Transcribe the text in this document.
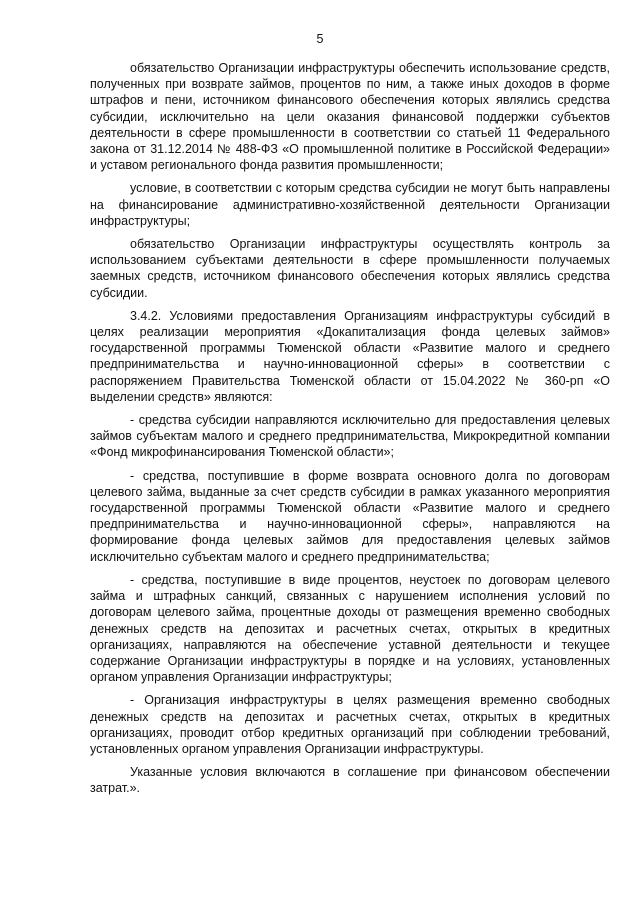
5

обязательство Организации инфраструктуры обеспечить использование средств, полученных при возврате займов, процентов по ним, а также иных доходов в форме штрафов и пени, источником финансового обеспечения которых являлись средства субсидии, исключительно на цели оказания финансовой поддержки субъектов деятельности в сфере промышленности в соответствии со статьей 11 Федерального закона от 31.12.2014 № 488-ФЗ «О промышленной политике в Российской Федерации» и уставом регионального фонда развития промышленности;

условие, в соответствии с которым средства субсидии не могут быть направлены на финансирование административно-хозяйственной деятельности Организации инфраструктуры;

обязательство Организации инфраструктуры осуществлять контроль за использованием субъектами деятельности в сфере промышленности получаемых заемных средств, источником финансового обеспечения которых являлись средства субсидии.

3.4.2. Условиями предоставления Организациям инфраструктуры субсидий в целях реализации мероприятия «Докапитализация фонда целевых займов» государственной программы Тюменской области «Развитие малого и среднего предпринимательства и научно-инновационной сферы» в соответствии с распоряжением Правительства Тюменской области от 15.04.2022 № 360-рп «О выделении средств» являются:

- средства субсидии направляются исключительно для предоставления целевых займов субъектам малого и среднего предпринимательства, Микрокредитной компании «Фонд микрофинансирования Тюменской области»;

- средства, поступившие в форме возврата основного долга по договорам целевого займа, выданные за счет средств субсидии в рамках указанного мероприятия государственной программы Тюменской области «Развитие малого и среднего предпринимательства и научно-инновационной сферы», направляются на формирование фонда целевых займов для предоставления целевых займов исключительно субъектам малого и среднего предпринимательства;

- средства, поступившие в виде процентов, неустоек по договорам целевого займа и штрафных санкций, связанных с нарушением исполнения условий по договорам целевого займа, процентные доходы от размещения временно свободных денежных средств на депозитах и расчетных счетах, открытых в кредитных организациях, направляются на обеспечение уставной деятельности и текущее содержание Организации инфраструктуры в порядке и на условиях, установленных органом управления Организации инфраструктуры;

- Организация инфраструктуры в целях размещения временно свободных денежных средств на депозитах и расчетных счетах, открытых в кредитных организациях, проводит отбор кредитных организаций при соблюдении требований, установленных органом управления Организации инфраструктуры.

Указанные условия включаются в соглашение при финансовом обеспечении затрат.».
